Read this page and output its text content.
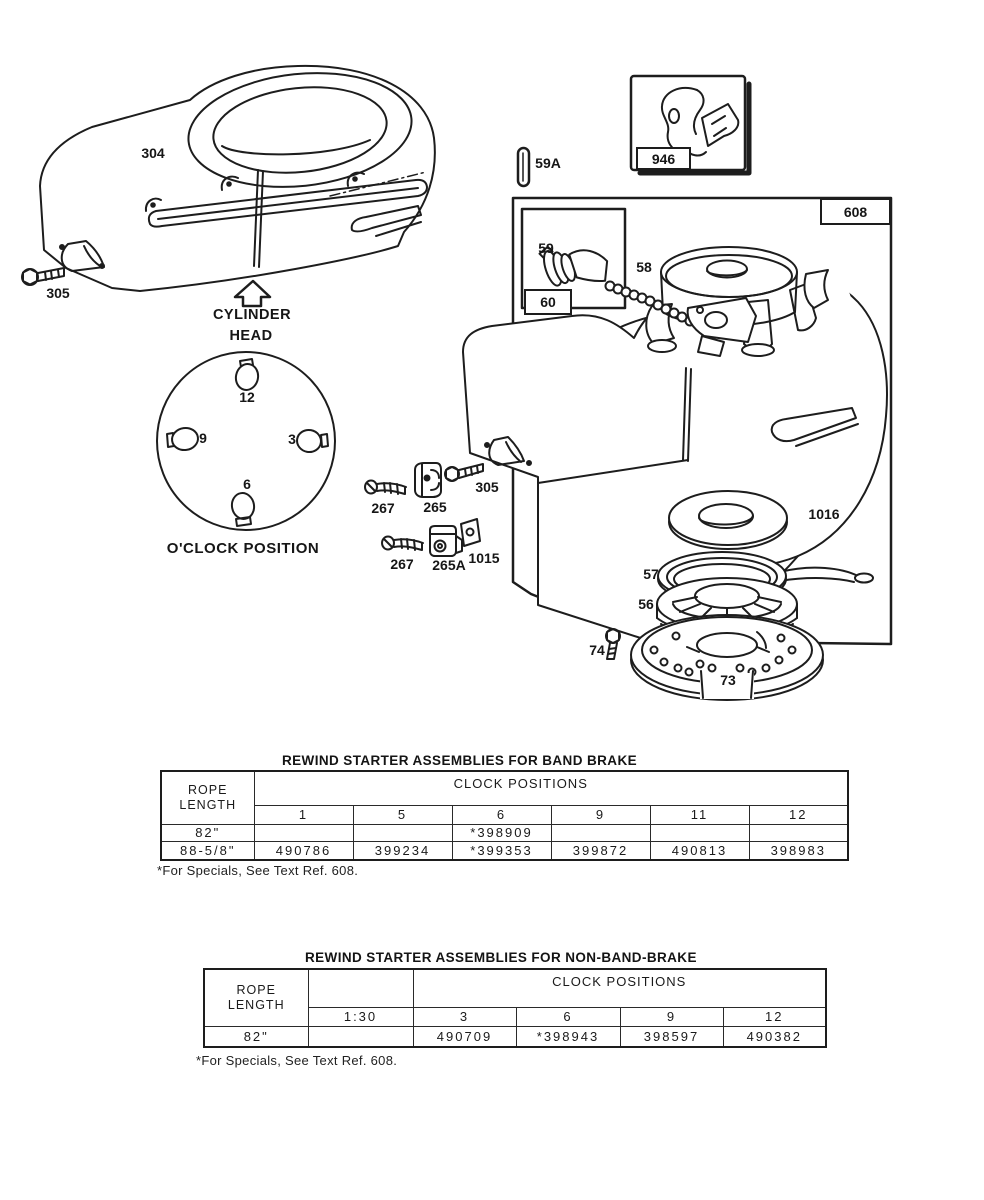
304
305
CYLINDER
HEAD
12
9	3
6
O'CLOCK POSITION
59A
59
58
946
608
60
267 265
305
267 265A 1015
1016
57
56
74
73
REWIND STARTER ASSEMBLIES FOR BAND BRAKE
ROPE
LENGTH	CLOCK POSITIONS					
	1	5	6	9	11	12
82"			*398909			
88-5/8"	490786	399234	*399353	399872	490813	398983
*For Specials, See Text Ref. 608.
REWIND STARTER ASSEMBLIES FOR NON-BAND-BRAKE
ROPE
LENGTH		CLOCK POSITIONS			
	1:30	3	6	9	12
82"		490709	*398943	398597	490382
*For Specials, See Text Ref. 608.
